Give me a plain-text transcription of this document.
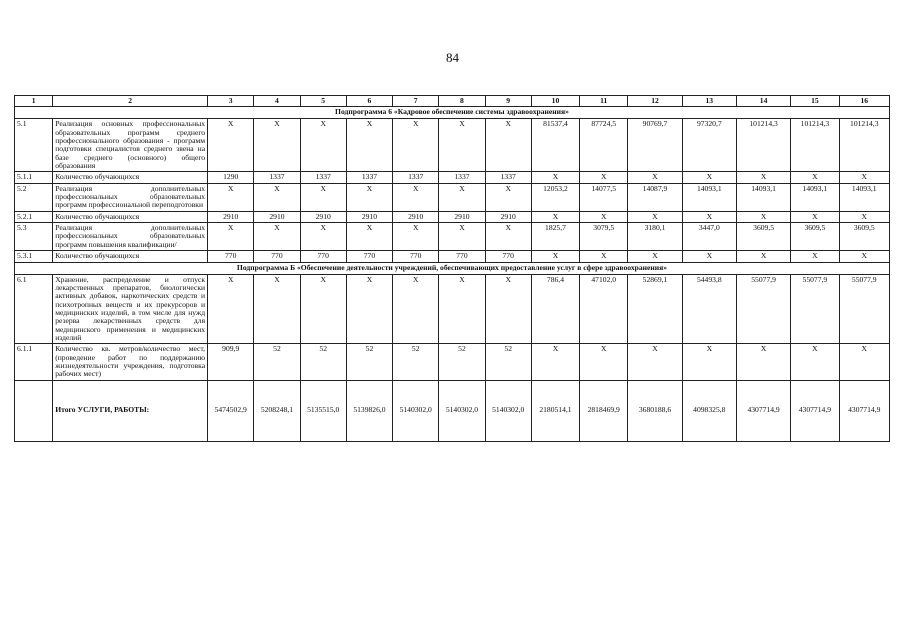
84
1	2	3	4	5	6	7	8	9	10	11	12	13	14	15	16
Подпрограмма 6 «Кадровое обеспечение системы здравоохранения»															
5.1	Реализация основных профессиональных образовательных программ среднего профессионального образования - программ подготовки специалистов среднего звена на базе среднего (основного) общего образования	X	X	X	X	X	X	X	81537,4	87724,5	90769,7	97320,7	101214,3	101214,3	101214,3
5.1.1	Количество обучающихся	1290	1337	1337	1337	1337	1337	1337	X	X	X	X	X	X	X
5.2	Реализация дополнительных профессиональных образовательных программ профессиональной переподготовки	X	X	X	X	X	X	X	12053,2	14077,5	14087,9	14093,1	14093,1	14093,1	14093,1
5.2.1	Количество обучающихся	2910	2910	2910	2910	2910	2910	2910	X	X	X	X	X	X	X
5.3	Реализация дополнительных профессиональных образовательных программ повышения квалификации/	X	X	X	X	X	X	X	1825,7	3079,5	3180,1	3447,0	3609,5	3609,5	3609,5
5.3.1	Количество обучающихся	770	770	770	770	770	770	770	X	X	X	X	X	X	X
Подпрограмма Б «Обеспечение деятельности учреждений, обеспечивающих предоставление услуг в сфере здравоохранения»															
6.1	Хранение, распределение и отпуск лекарственных препаратов, биологически активных добавок, наркотических средств и психотропных веществ и их прекурсоров и медицинских изделий, в том числе для нужд резерва лекарственных средств для медицинского применения и медицинских изделий	X	X	X	X	X	X	X	786,4	47102,0	52869,1	54493,8	55077,9	55077,9	55077,9
6.1.1	Количество кв. метров/количество мест, (проведение работ по поддержанию жизнедеятельности учреждения, подготовка рабочих мест)	909,9	52	52	52	52	52	52	X	X	X	X	X	X	X
	Итого УСЛУГИ, РАБОТЫ:	5474502,9	5208248,1	5135515,0	5139826,0	5140302,0	5140302,0	5140302,0	2180514,1	2818469,9	3680188,6	4098325,8	4307714,9	4307714,9	4307714,9
